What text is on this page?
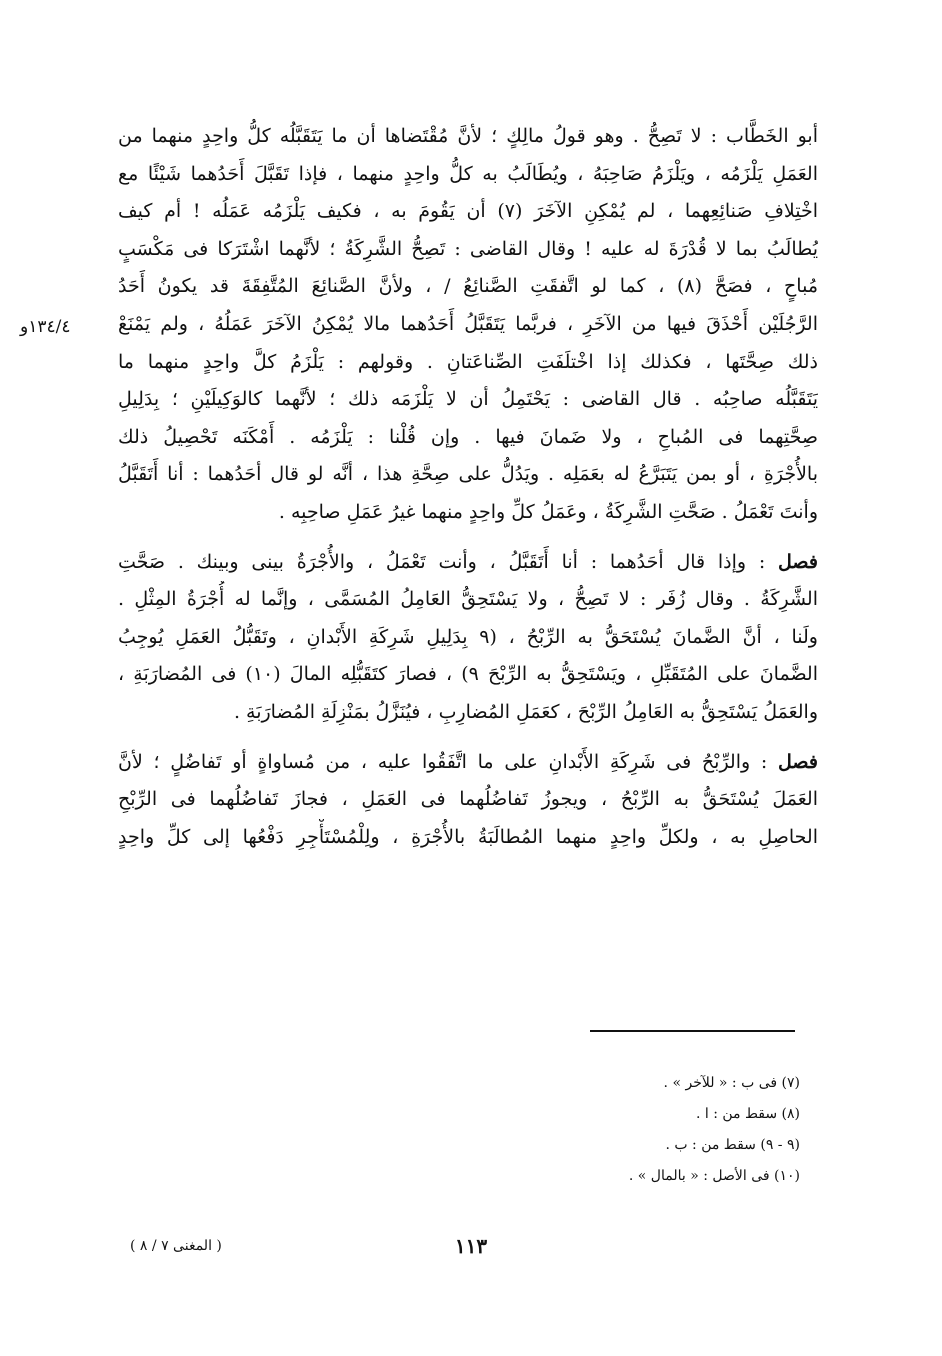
١٣٤/٤و
أبو الخَطَّاب : لا تَصِحُّ . وهو قولُ مالِكٍ ؛ لأنَّ مُقْتَضاها أن ما يَتَقَبَّلُه كلُّ واحِدٍ منهما من
العَمَلِ يَلْزَمُه ، ويَلْزَمُ صَاحِبَهُ ، ويُطَالَبُ به كلُّ واحِدٍ منهما ، فإذا تَقَبَّلَ أَحَدُهما شَيْئًا مع
اخْتِلافِ صَنائِعِهما ، لم يُمْكِنِ الآخَرَ (٧) أن يَقُومَ به ، فكيف يَلْزَمُه عَمَلُه ! أم كيف
يُطالَبُ بما لا قُدْرَةَ له عليه ! وقال القاضى : تَصِحُّ الشَّرِكَةُ ؛ لأنَّهما اشْتَرَكا فى مَكْسَبٍ
مُباحٍ ، فصَحَّ (٨) ، كما لو اتَّفقَتِ الصَّنائِعُ / ، ولأنَّ الصَّنائِعَ المُتَّفِقَةَ قد يكونُ أَحَدُ
الرَّجُلَيْن أَحْذَقَ فيها من الآخَرِ ، فربَّما يَتَقَبَّلُ أَحَدُهما مالا يُمْكِنُ الآخَرَ عَمَلُهُ ، ولم يَمْنَعْ
ذلك صِحَّتَها ، فكذلك إذا اخْتلَفَتِ الصِّناعَتانِ . وقولهم : يَلْزَمُ كلَّ واحِدٍ منهما ما
يَتَقَبَّلُه صاحِبُه . قال القاضى : يَحْتَمِلُ أن لا يَلْزَمَه ذلك ؛ لأنَّهما كالوَكِيلَيْنِ ؛ بِدَلِيلِ
صِحَّتِهما فى المُباحِ ، ولا ضَمانَ فيها . وإن قُلْنا : يَلْزَمُه . أَمْكَنَه تَحْصِيلُ ذلك
بالأُجْرَةِ ، أو بمن يَتَبَرَّعُ له بعَمَلِه . ويَدُلُّ على صِحَّةِ هذا ، أنَّه لو قال أحَدُهما : أنا أَتَقَبَّلُ
وأنتَ تَعْمَلُ . صَحَّتِ الشَّرِكَةُ ، وعَمَلُ كلِّ واحِدٍ منهما غيرُ عَمَلِ صاحِبِه .
فصل : وإذا قال أحَدُهما : أنا أَتَقَبَّلُ ، وأنت تَعْمَلُ ، والأُجْرَةُ بينى وبينك . صَحَّتِ
الشَّرِكَةُ . وقال زُفَر : لا تَصِحُّ ، ولا يَسْتَحِقُّ العَامِلُ المُسَمَّى ، وإنَّما له أُجْرَةُ المِثْلِ .
ولَنا ، أنَّ الضَّمانَ يُسْتَحَقُّ به الرِّبْحُ ، (٩ بِدَلِيلِ شَرِكَةِ الأَبْدانِ ، وتَقَبُّلُ العَمَلِ يُوجِبُ
الضَّمانَ على المُتَقَبِّلِ ، ويَسْتَحِقُّ به الرِّبْحَ ٩) ، فصارَ كتَقَبُّلِه المالَ (١٠) فى المُضارَبَةِ ،
والعَمَلُ يَسْتَحِقُّ به العَامِلُ الرِّبْحَ ، كعَمَلِ المُضارِبِ ، فيُنَزَّلُ بمَنْزِلَةِ المُضارَبَةِ .
فصل : والرِّبْحُ فى شَرِكَةِ الأَبْدانِ على ما اتَّفَقُوا عليه ، من مُساواةٍ أو تَفاضُلٍ ؛ لأنَّ
العَمَلَ يُسْتَحَقُّ به الرِّبْحُ ، ويجوزُ تَفاضُلُهما فى العَمَلِ ، فجازَ تَفاضُلُهما فى الرِّبْحِ
الحاصِلِ به ، ولكلِّ واحِدٍ منهما المُطالَبَةُ بالأُجْرَةِ ، ولِلْمُسْتَأْجِرِ دَفْعُها إلى كلِّ واحِدٍ
(٧) فى ب : « للآخر » .
(٨) سقط من : ا .
(٩ - ٩) سقط من : ب .
(١٠) فى الأصل : « بالمال » .
١١٣
( المغنى ٧ / ٨ )
